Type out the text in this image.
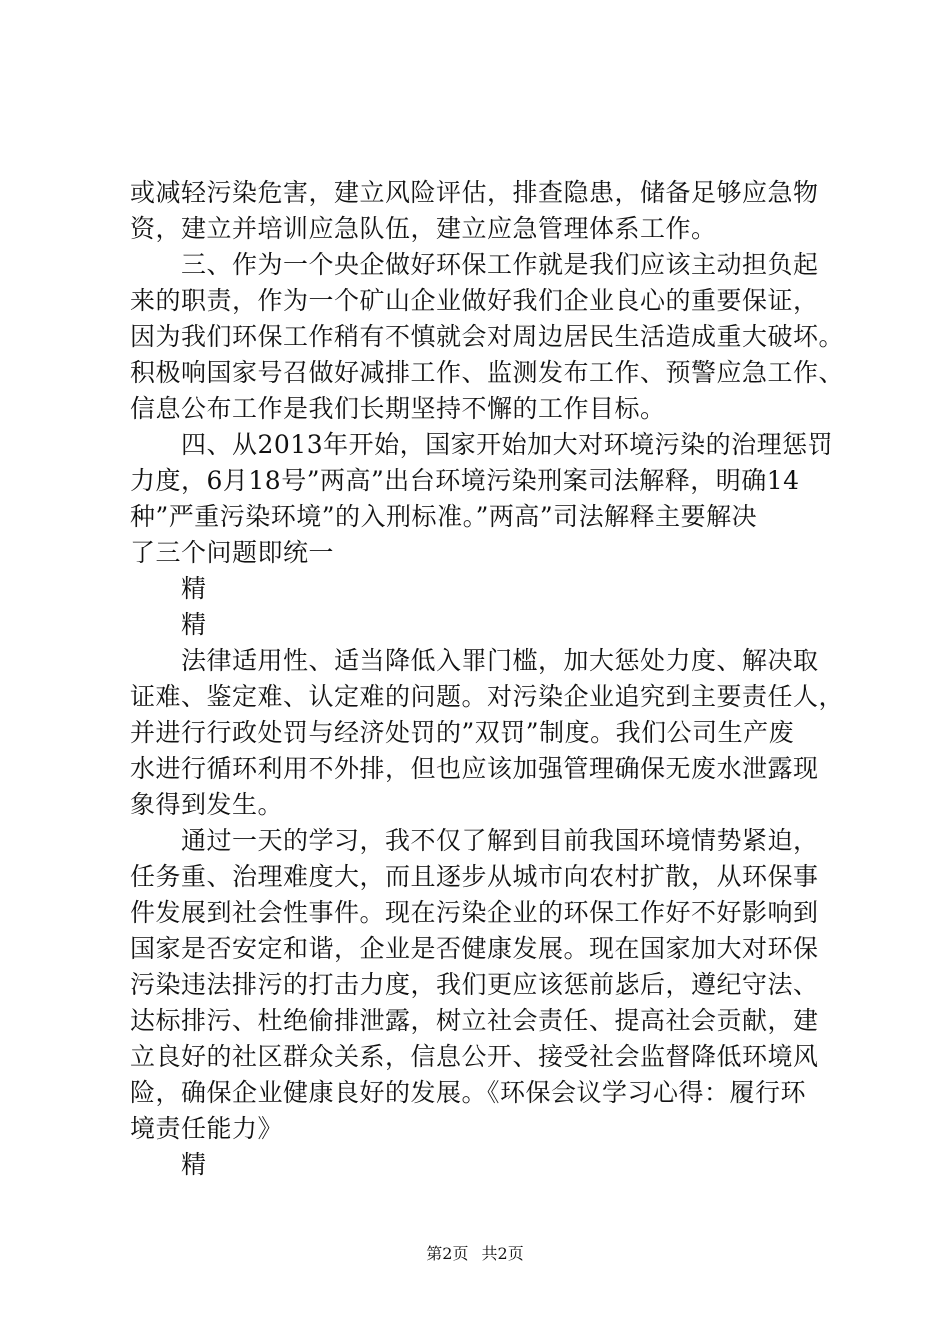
或减轻污染危害，建立风险评估，排查隐患，储备足够应急物
资，建立并培训应急队伍，建立应急管理体系工作。
　　三、作为一个央企做好环保工作就是我们应该主动担负起
来的职责，作为一个矿山企业做好我们企业良心的重要保证，
因为我们环保工作稍有不慎就会对周边居民生活造成重大破坏。
积极响国家号召做好减排工作、监测发布工作、预警应急工作、
信息公布工作是我们长期坚持不懈的工作目标。
　　四、从2013年开始，国家开始加大对环境污染的治理惩罚
力度，6月18号”两高”出台环境污染刑案司法解释，明确14
种”严重污染环境”的入刑标准。”两高”司法解释主要解决
了三个问题即统一
　　精
　　精
　　法律适用性、适当降低入罪门槛，加大惩处力度、解决取
证难、鉴定难、认定难的问题。对污染企业追究到主要责任人，
并进行行政处罚与经济处罚的”双罚”制度。我们公司生产废
水进行循环利用不外排，但也应该加强管理确保无废水泄露现
象得到发生。
　　通过一天的学习，我不仅了解到目前我国环境情势紧迫，
任务重、治理难度大，而且逐步从城市向农村扩散，从环保事
件发展到社会性事件。现在污染企业的环保工作好不好影响到
国家是否安定和谐，企业是否健康发展。现在国家加大对环保
污染违法排污的打击力度，我们更应该惩前毖后，遵纪守法、
达标排污、杜绝偷排泄露，树立社会责任、提高社会贡献，建
立良好的社区群众关系，信息公开、接受社会监督降低环境风
险，确保企业健康良好的发展。《环保会议学习心得：履行环
境责任能力》
　　精
第2页 共2页
